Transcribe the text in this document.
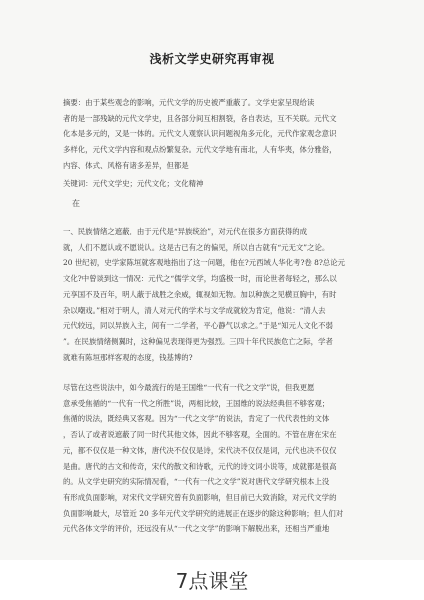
浅析文学史研究再审视

摘要：由于某些观念的影响，元代文学的历史被严重蔽了。文学史家呈现给读

者的是一部残缺的元代文学史，且各部分间互相割裂，各自表达，互不关联。元代文

化本是多元的，又是一体的。元代文人观察认识问题视角多元化，元代作家观念意识

多样化，元代文学内容和观点纷繁复杂。元代文学地有南北，人有华夷，体分雅俗，

内容、体式、风格有诸多差异，但都是

关键词：元代文学史；元代文化；文化精神

在

一、民族情绪之遮蔽．由于元代是“异族统治”，对元代在很多方面获得的成

就，人们不愿认或不愿说认。这是古已有之的偏见，所以自古就有“元无文”之论。

20 世纪初，史学家陈垣就客观地指出了这一问题，他在?元西域人华化考?卷 8?总论元

文化?中曾谈到这一情况：元代之“儒学文学，均盛极一时，而论世者每轻之，那么以

元享国不及百年，明人蔽于战胜之余威，辄视如无物。加以种族之见横亘胸中，有时

杂以嘲戏。”相对于明人，清人对元代的学术与文学成就较为肯定，他说：“清人去

元代较远，同以异族入主，间有一二学者，平心静气以求之。”于是“知元人文化不弱

”。在民族情绪侧翼时，这种偏见表现得更为强烈。三四十年代民族危亡之际，学者

就难有陈垣那样客观的态度，钱基博的?

尽管在这些说法中，如今最流行的是王国维“一代有一代之文学”说，但我更愿

意承受焦循的“一代有一代之所胜”说，两相比较，王国维的说法经典但不够客观；

焦循的说法，既经典又客观。因为“一代之文学”的说法，肯定了一代代表性的文体

，否认了或者说遮蔽了同一时代其他文体，因此不够客观，全面的。不管在唐在宋在

元，都不仅仅是一种文体，唐代决不仅仅是诗，宋代决不仅仅是词，元代也决不仅仅

是曲。唐代的古文和传奇，宋代的散文和诗歌，元代的诗文词小说等，成就都是很高

的。从文学史研究的实际情况看，“一代有一代之文学”说对唐代文学研究根本上没

有形成负面影响，对宋代文学研究曾有负面影响，但目前已大致消除，对元代文学的

负面影响最大，尽管近 20 多年元代文学研究的进展正在逐步的除这种影响；但人们对

元代各体文学的评价，还远没有从“一代之文学”的影响下解脱出来，还相当严重地

7点课堂
